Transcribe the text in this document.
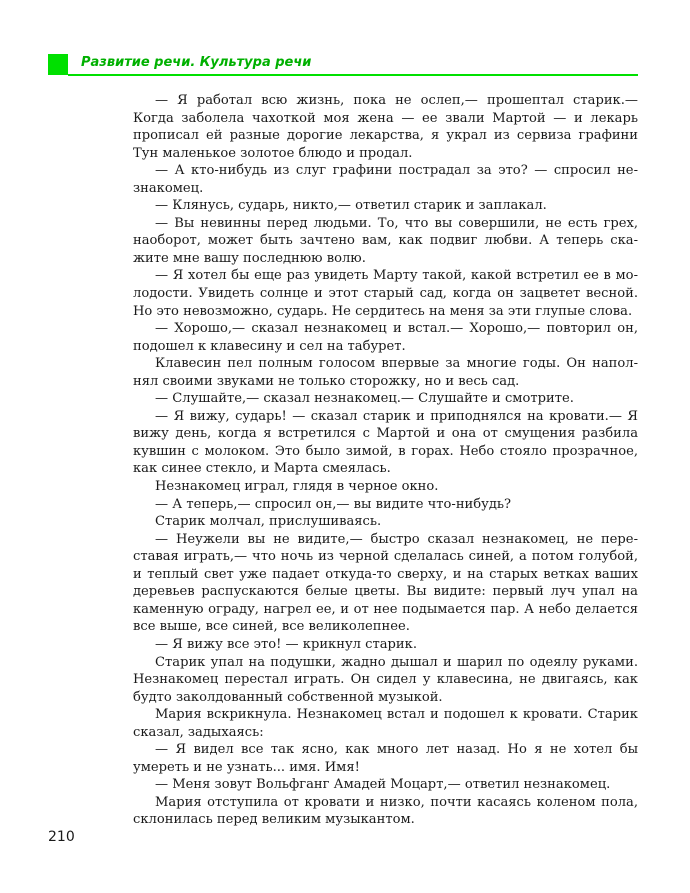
Развитие речи. Культура речи

— Я работал всю жизнь, пока не ослеп,— прошептал старик.— Когда заболела чахоткой моя жена — ее звали Мартой — и лекарь прописал ей разные дорогие лекарства, я украл из сервиза графини Тун маленькое золотое блюдо и продал.

— А кто-нибудь из слуг графини пострадал за это? — спросил незнакомец.

— Клянусь, сударь, никто,— ответил старик и заплакал.

— Вы невинны перед людьми. То, что вы совершили, не есть грех, наоборот, может быть зачтено вам, как подвиг любви. А теперь скажите мне вашу последнюю волю.

— Я хотел бы еще раз увидеть Марту такой, какой встретил ее в молодости. Увидеть солнце и этот старый сад, когда он зацветет весной. Но это невозможно, сударь. Не сердитесь на меня за эти глупые слова.

— Хорошо,— сказал незнакомец и встал.— Хорошо,— повторил он, подошел к клавесину и сел на табурет.

Клавесин пел полным голосом впервые за многие годы. Он наполнял своими звуками не только сторожку, но и весь сад.

— Слушайте,— сказал незнакомец.— Слушайте и смотрите.

— Я вижу, сударь! — сказал старик и приподнялся на кровати.— Я вижу день, когда я встретился с Мартой и она от смущения разбила кувшин с молоком. Это было зимой, в горах. Небо стояло прозрачное, как синее стекло, и Марта смеялась.

Незнакомец играл, глядя в черное окно.

— А теперь,— спросил он,— вы видите что-нибудь?

Старик молчал, прислушиваясь.

— Неужели вы не видите,— быстро сказал незнакомец, не переставая играть,— что ночь из черной сделалась синей, а потом голубой, и теплый свет уже падает откуда-то сверху, и на старых ветках ваших деревьев распускаются белые цветы. Вы видите: первый луч упал на каменную ограду, нагрел ее, и от нее подымается пар. А небо делается все выше, все синей, все великолепнее.

— Я вижу все это! — крикнул старик.

Старик упал на подушки, жадно дышал и шарил по одеялу руками. Незнакомец перестал играть. Он сидел у клавесина, не двигаясь, как будто заколдованный собственной музыкой.

Мария вскрикнула. Незнакомец встал и подошел к кровати. Старик сказал, задыхаясь:

— Я видел все так ясно, как много лет назад. Но я не хотел бы умереть и не узнать... имя. Имя!

— Меня зовут Вольфганг Амадей Моцарт,— ответил незнакомец.

Мария отступила от кровати и низко, почти касаясь коленом пола, склонилась перед великим музыкантом.

210
